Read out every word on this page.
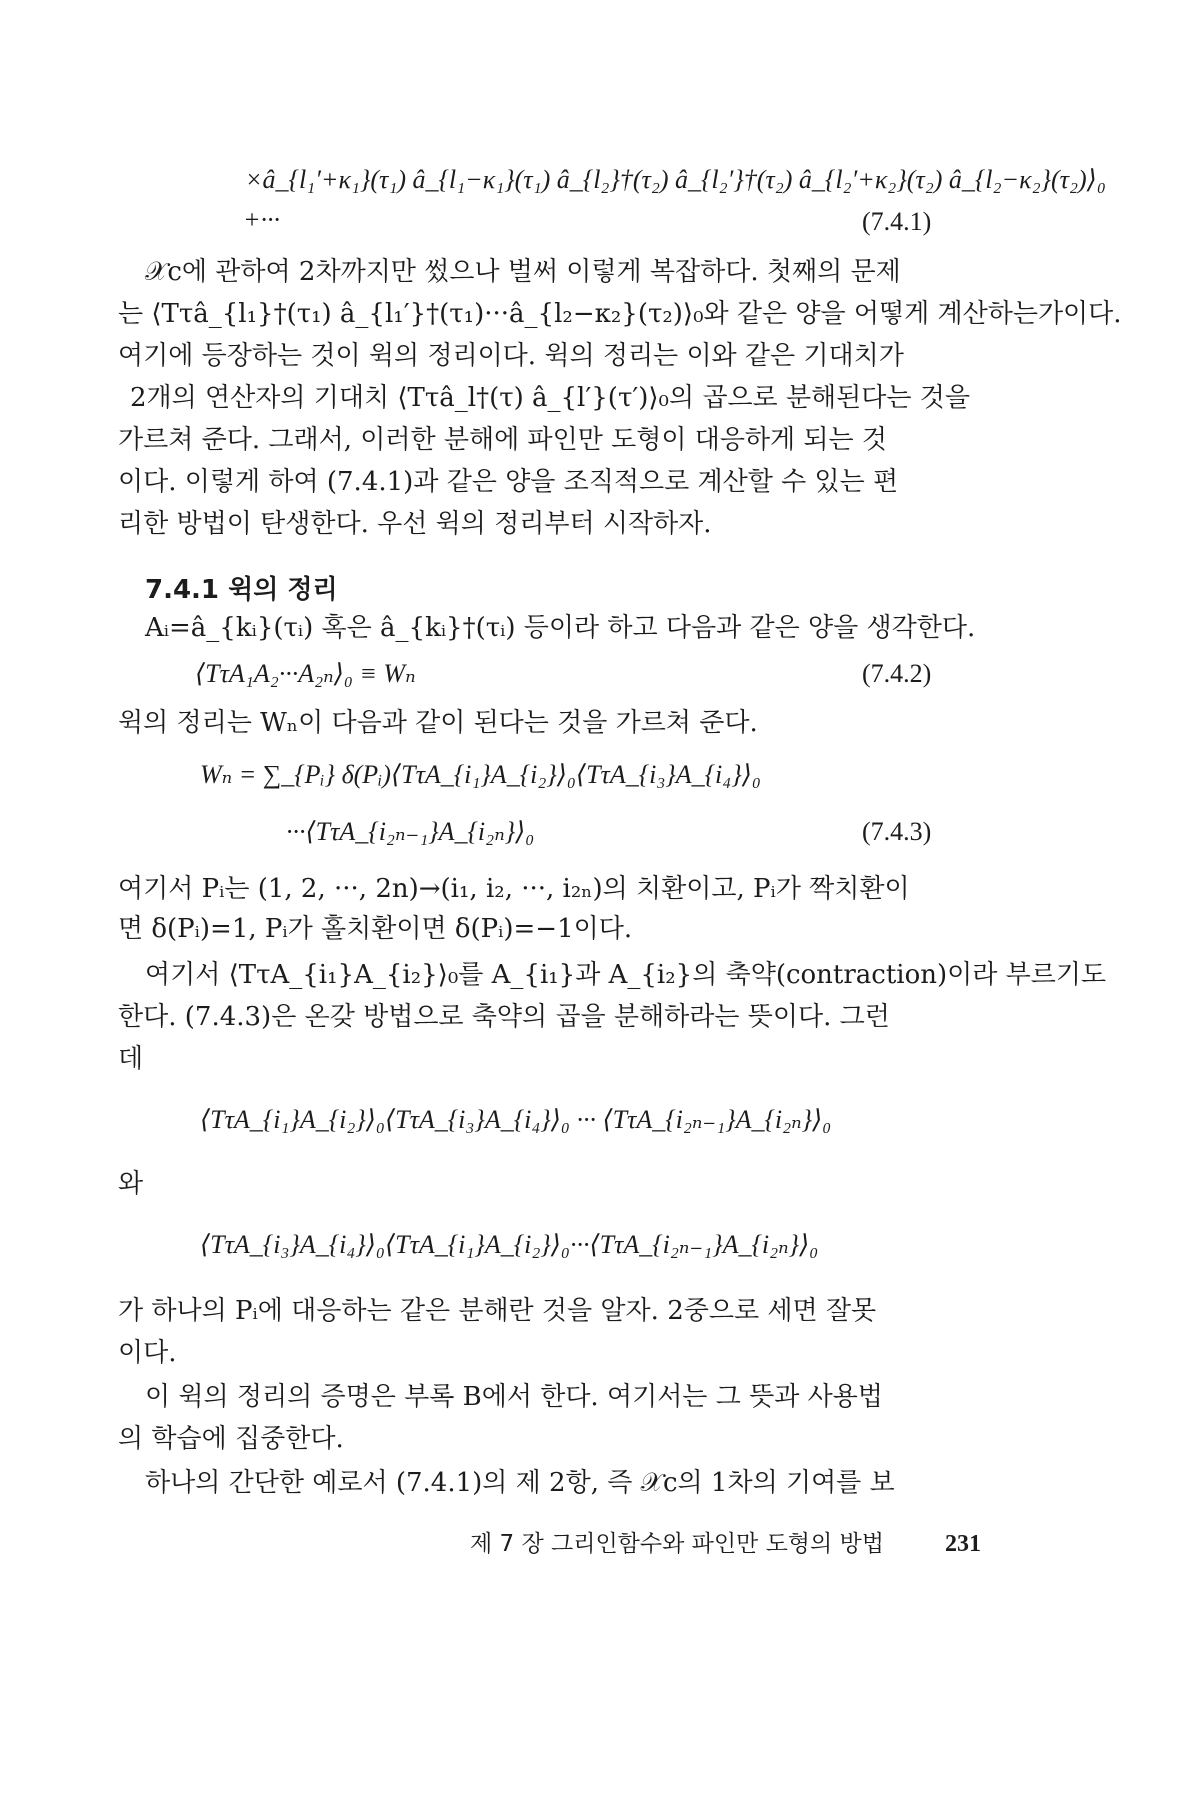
×â_{l₁′+κ₁}(τ₁) â_{l₁−κ₁}(τ₁) â_{l₂}†(τ₂) â_{l₂′}†(τ₂) â_{l₂′+κ₂}(τ₂) â_{l₂−κ₂}(τ₂)⟩₀
+···	(7.4.1)
𝒳c에 관하여 2차까지만 썼으나 벌써 이렇게 복잡하다. 첫째의 문제
는 ⟨Tτâ_{l₁}†(τ₁) â_{l₁′}†(τ₁)···â_{l₂−κ₂}(τ₂)⟩₀와 같은 양을 어떻게 계산하는가이다.
여기에 등장하는 것이 윅의 정리이다. 윅의 정리는 이와 같은 기대치가
2개의 연산자의 기대치 ⟨Tτâ_l†(τ) â_{l′}(τ′)⟩₀의 곱으로 분해된다는 것을
가르쳐 준다. 그래서, 이러한 분해에 파인만 도형이 대응하게 되는 것
이다. 이렇게 하여 (7.4.1)과 같은 양을 조직적으로 계산할 수 있는 편
리한 방법이 탄생한다. 우선 윅의 정리부터 시작하자.
7.4.1 윅의 정리
Aᵢ=â_{kᵢ}(τᵢ) 혹은 â_{kᵢ}†(τᵢ) 등이라 하고 다음과 같은 양을 생각한다.
⟨TτA₁A₂···A₂ₙ⟩₀ ≡ Wₙ	(7.4.2)
윅의 정리는 Wₙ이 다음과 같이 된다는 것을 가르쳐 준다.
Wₙ = ∑_{Pᵢ} δ(Pᵢ)⟨TτA_{i₁}A_{i₂}⟩₀⟨TτA_{i₃}A_{i₄}⟩₀
···⟨TτA_{i₂ₙ₋₁}A_{i₂ₙ}⟩₀	(7.4.3)
여기서 Pᵢ는 (1, 2, ···, 2n)→(i₁, i₂, ···, i₂ₙ)의 치환이고, Pᵢ가 짝치환이
면 δ(Pᵢ)=1, Pᵢ가 홀치환이면 δ(Pᵢ)=−1이다.
여기서 ⟨TτA_{i₁}A_{i₂}⟩₀를 A_{i₁}과 A_{i₂}의 축약(contraction)이라 부르기도
한다. (7.4.3)은 온갖 방법으로 축약의 곱을 분해하라는 뜻이다. 그런
데
⟨TτA_{i₁}A_{i₂}⟩₀⟨TτA_{i₃}A_{i₄}⟩₀ ··· ⟨TτA_{i₂ₙ₋₁}A_{i₂ₙ}⟩₀
와
⟨TτA_{i₃}A_{i₄}⟩₀⟨TτA_{i₁}A_{i₂}⟩₀···⟨TτA_{i₂ₙ₋₁}A_{i₂ₙ}⟩₀
가 하나의 Pᵢ에 대응하는 같은 분해란 것을 알자. 2중으로 세면 잘못
이다.
이 윅의 정리의 증명은 부록 B에서 한다. 여기서는 그 뜻과 사용법
의 학습에 집중한다.
하나의 간단한 예로서 (7.4.1)의 제 2항, 즉 𝒳c의 1차의 기여를 보
제 7 장 그리인함수와 파인만 도형의 방법	231
